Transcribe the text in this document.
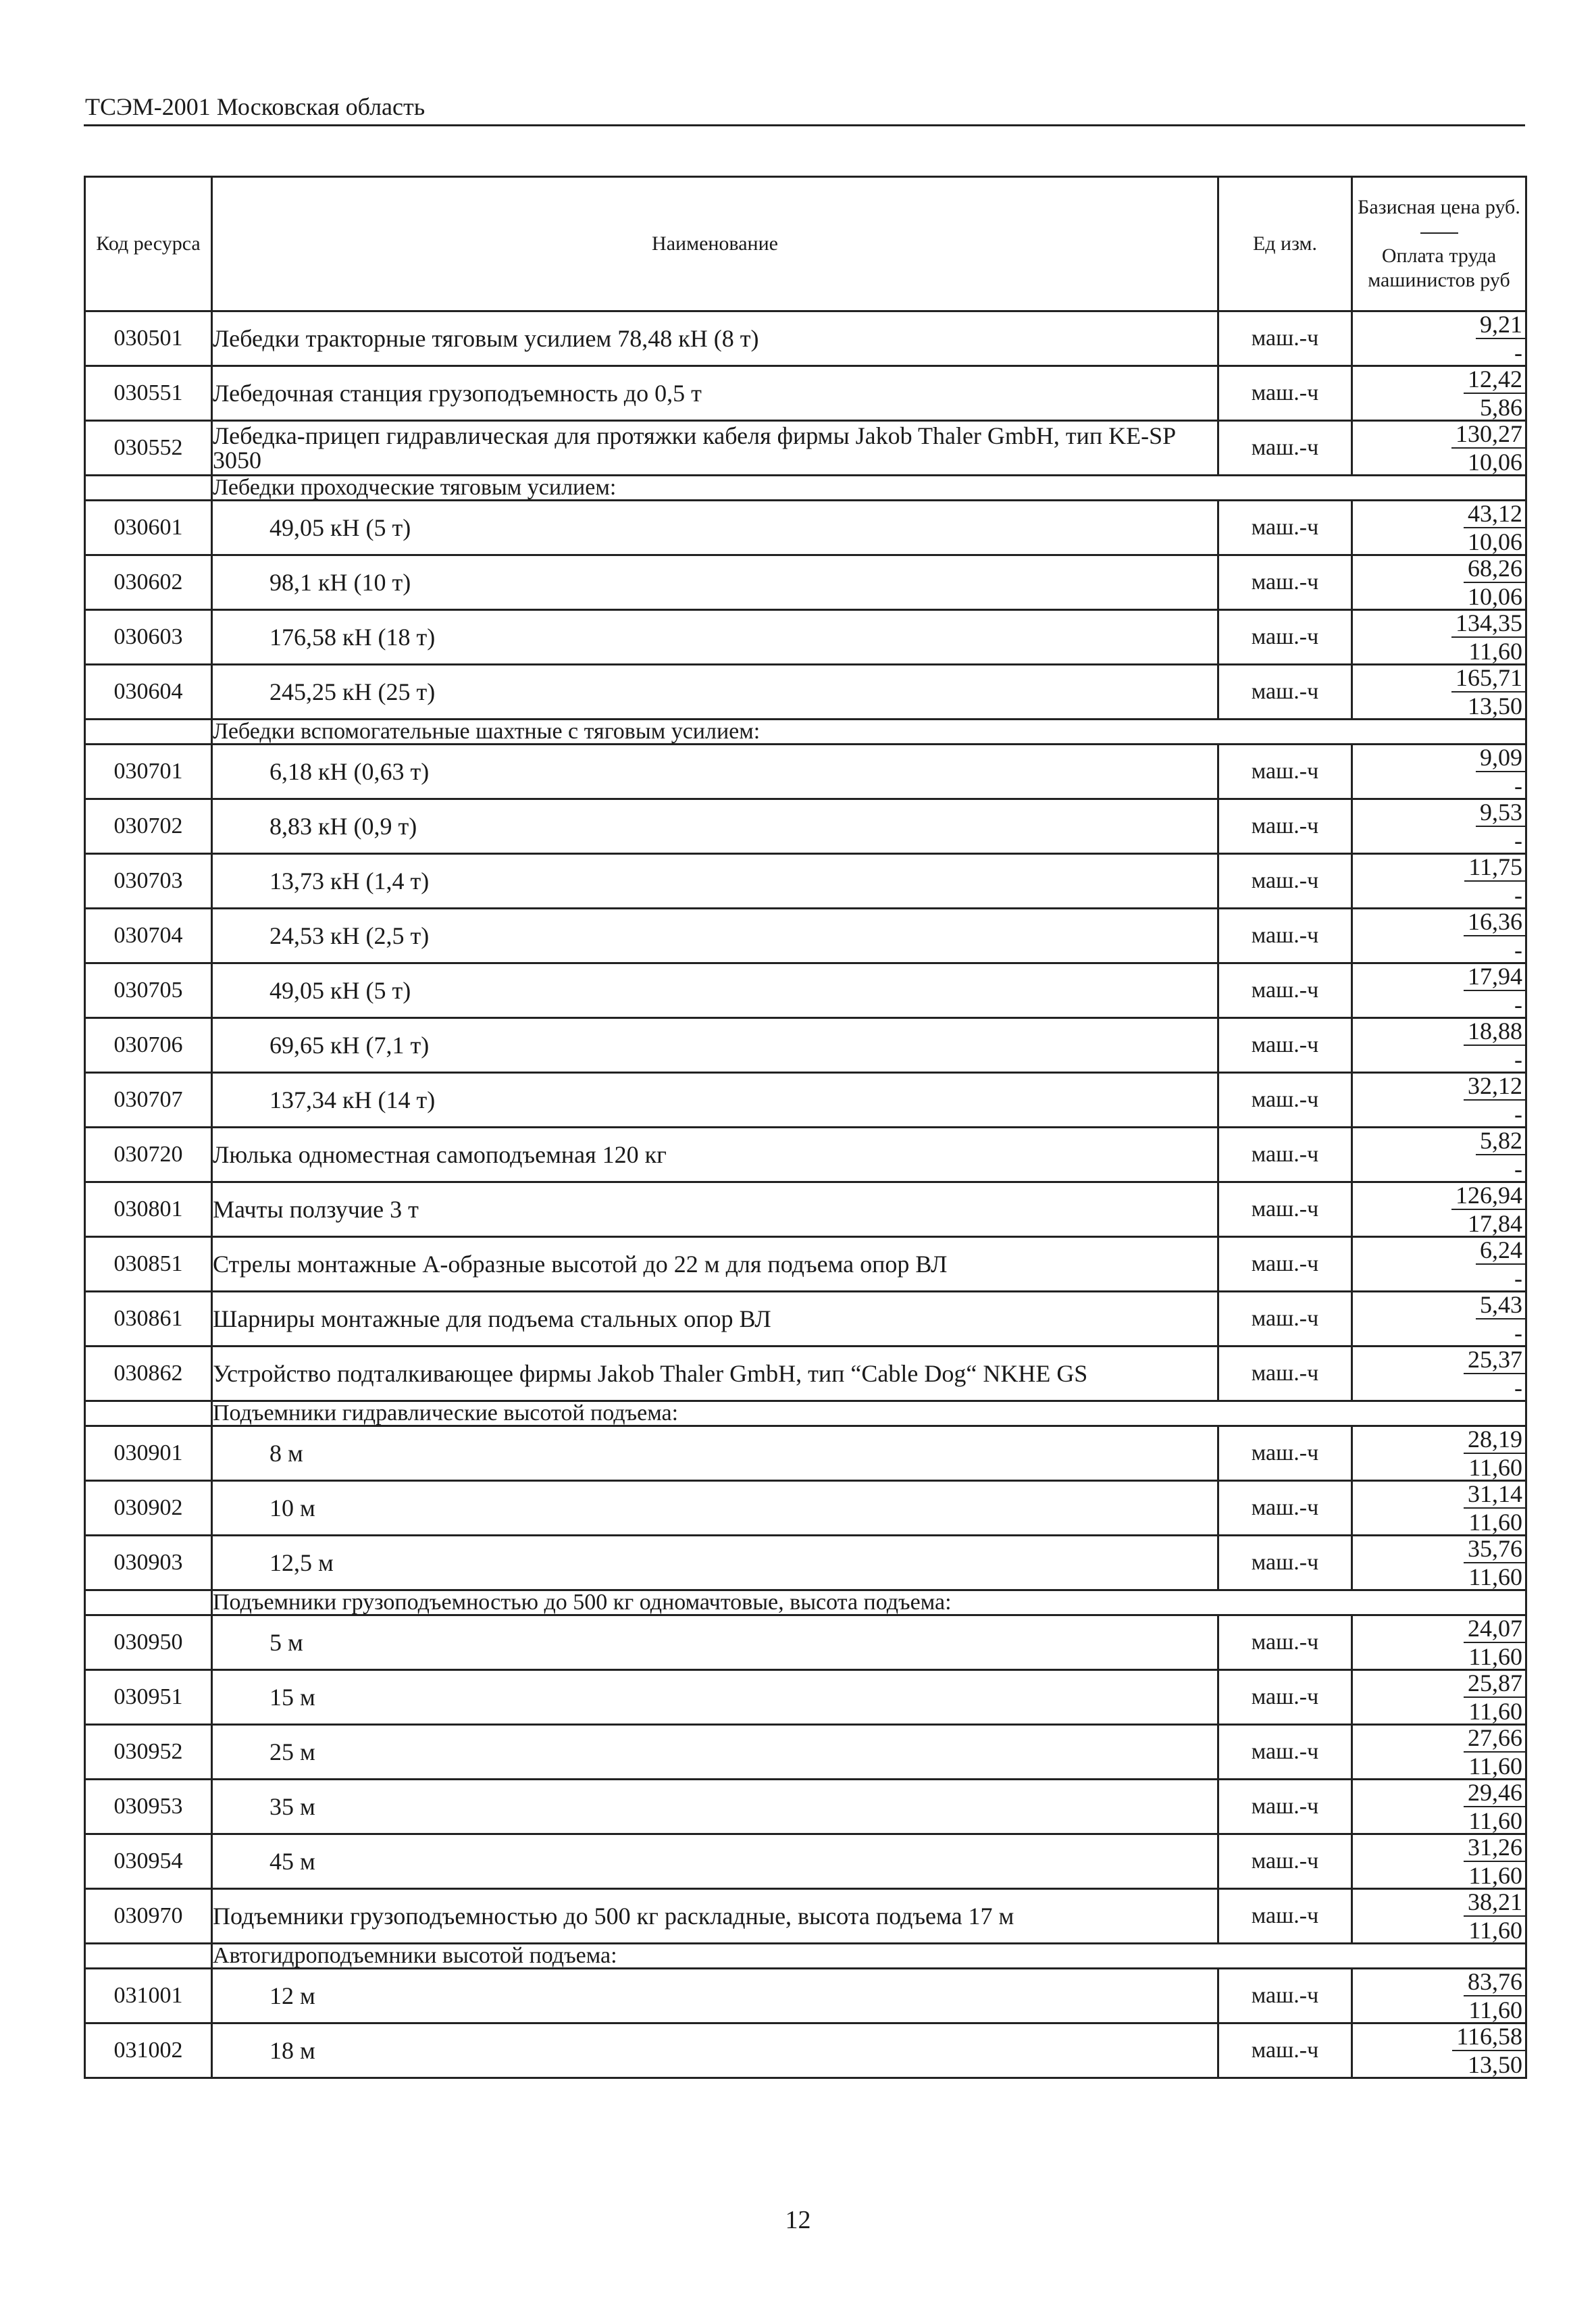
ТСЭМ-2001 Московская область
Код ресурса	Наименование	Ед изм.	Базисная цена руб.
Оплата труда машинистов руб

030501	Лебедки тракторные тяговым усилием 78,48 кН (8 т)	маш.-ч	$\frac{9,21}{-}$

030551	Лебедочная станция грузоподъемность до 0,5 т	маш.-ч	$\frac{12,42}{5,86}$

030552	Лебедка-прицеп гидравлическая для протяжки кабеля фирмы Jakob Thaler GmbH, тип KE-SP 3050	маш.-ч	$\frac{130,27}{10,06}$

	Лебедки проходческие тяговым усилием:		
030601	49,05 кН (5 т)	маш.-ч	$\frac{43,12}{10,06}$

030602	98,1 кН (10 т)	маш.-ч	$\frac{68,26}{10,06}$

030603	176,58 кН (18 т)	маш.-ч	$\frac{134,35}{11,60}$

030604	245,25 кН (25 т)	маш.-ч	$\frac{165,71}{13,50}$

	Лебедки вспомогательные шахтные с тяговым усилием:		
030701	6,18 кН (0,63 т)	маш.-ч	$\frac{9,09}{-}$

030702	8,83 кН (0,9 т)	маш.-ч	$\frac{9,53}{-}$

030703	13,73 кН (1,4 т)	маш.-ч	$\frac{11,75}{-}$

030704	24,53 кН (2,5 т)	маш.-ч	$\frac{16,36}{-}$

030705	49,05 кН (5 т)	маш.-ч	$\frac{17,94}{-}$

030706	69,65 кН (7,1 т)	маш.-ч	$\frac{18,88}{-}$

030707	137,34 кН (14 т)	маш.-ч	$\frac{32,12}{-}$

030720	Люлька одноместная самоподъемная 120 кг	маш.-ч	$\frac{5,82}{-}$

030801	Мачты ползучие 3 т	маш.-ч	$\frac{126,94}{17,84}$

030851	Стрелы монтажные А-образные высотой до 22 м для подъема опор ВЛ	маш.-ч	$\frac{6,24}{-}$

030861	Шарниры монтажные для подъема стальных опор ВЛ	маш.-ч	$\frac{5,43}{-}$

030862	Устройство подталкивающее фирмы Jakob Thaler GmbH, тип “Cable Dog“ NKHE GS	маш.-ч	$\frac{25,37}{-}$

	Подъемники гидравлические высотой подъема:		
030901	8 м	маш.-ч	$\frac{28,19}{11,60}$

030902	10 м	маш.-ч	$\frac{31,14}{11,60}$

030903	12,5 м	маш.-ч	$\frac{35,76}{11,60}$

	Подъемники грузоподъемностью до 500 кг одномачтовые, высота подъема:		
030950	5 м	маш.-ч	$\frac{24,07}{11,60}$

030951	15 м	маш.-ч	$\frac{25,87}{11,60}$

030952	25 м	маш.-ч	$\frac{27,66}{11,60}$

030953	35 м	маш.-ч	$\frac{29,46}{11,60}$

030954	45 м	маш.-ч	$\frac{31,26}{11,60}$

030970	Подъемники грузоподъемностью до 500 кг раскладные, высота подъема 17 м	маш.-ч	$\frac{38,21}{11,60}$

	Автогидроподъемники высотой подъема:		
031001	12 м	маш.-ч	$\frac{83,76}{11,60}$

031002	18 м	маш.-ч	$\frac{116,58}{13,50}$
12
